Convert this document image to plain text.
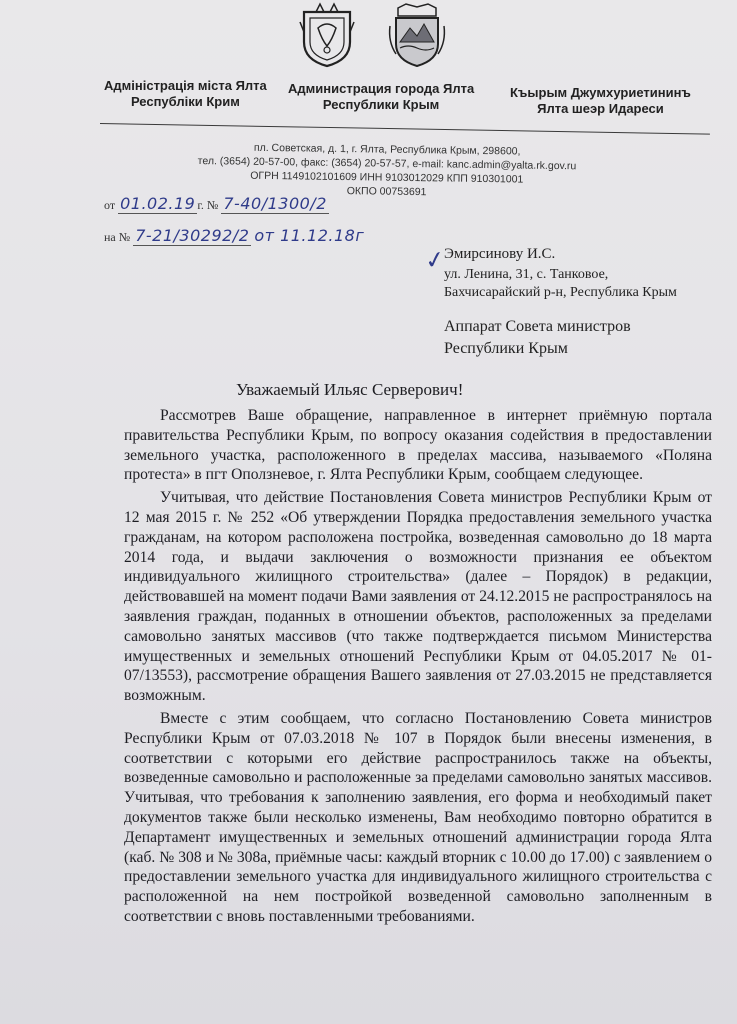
Адміністрація міста Ялта
Республіки Крим
Администрация города Ялта
Республики Крым
Къырым Джумхуриетининъ
Ялта шеэр Идареси
пл. Советская, д. 1, г. Ялта, Республика Крым, 298600,
тел. (3654) 20-57-00, факс: (3654) 20-57-57, e-mail: kanc.admin@yalta.rk.gov.ru
ОГРН 1149102101609 ИНН 9103012029 КПП 910301001
ОКПО 00753691
от 01.02.19 г. № 7-40/1300/2
на № 7-21/30292/2 от 11.12.18г
✓
Эмирсинову И.С.
ул. Ленина, 31, с. Танковое,
Бахчисарайский р-н, Республика Крым
Аппарат Совета министров
Республики Крым
Уважаемый Ильяс Серверович!

Рассмотрев Ваше обращение, направленное в интернет приёмную портала правительства Республики Крым, по вопросу оказания содействия в предоставлении земельного участка, расположенного в пределах массива, называемого «Поляна протеста» в пгт Оползневое, г. Ялта Республики Крым, сообщаем следующее.

Учитывая, что действие Постановления Совета министров Республики Крым от 12 мая 2015 г. № 252 «Об утверждении Порядка предоставления земельного участка гражданам, на котором расположена постройка, возведенная самовольно до 18 марта 2014 года, и выдачи заключения о возможности признания ее объектом индивидуального жилищного строительства» (далее – Порядок) в редакции, действовавшей на момент подачи Вами заявления от 24.12.2015 не распространялось на заявления граждан, поданных в отношении объектов, расположенных за пределами самовольно занятых массивов (что также подтверждается письмом Министерства имущественных и земельных отношений Республики Крым от 04.05.2017 № 01-07/13553), рассмотрение обращения Вашего заявления от 27.03.2015 не представляется возможным.

Вместе с этим сообщаем, что согласно Постановлению Совета министров Республики Крым от 07.03.2018 № 107 в Порядок были внесены изменения, в соответствии с которыми его действие распространилось также на объекты, возведенные самовольно и расположенные за пределами самовольно занятых массивов. Учитывая, что требования к заполнению заявления, его форма и необходимый пакет документов также были несколько изменены, Вам необходимо повторно обратится в Департамент имущественных и земельных отношений администрации города Ялта (каб. № 308 и № 308а, приёмные часы: каждый вторник с 10.00 до 17.00) с заявлением о предоставлении земельного участка для индивидуального жилищного строительства с расположенной на нем постройкой возведенной самовольно заполненным в соответствии с вновь поставленными требованиями.
